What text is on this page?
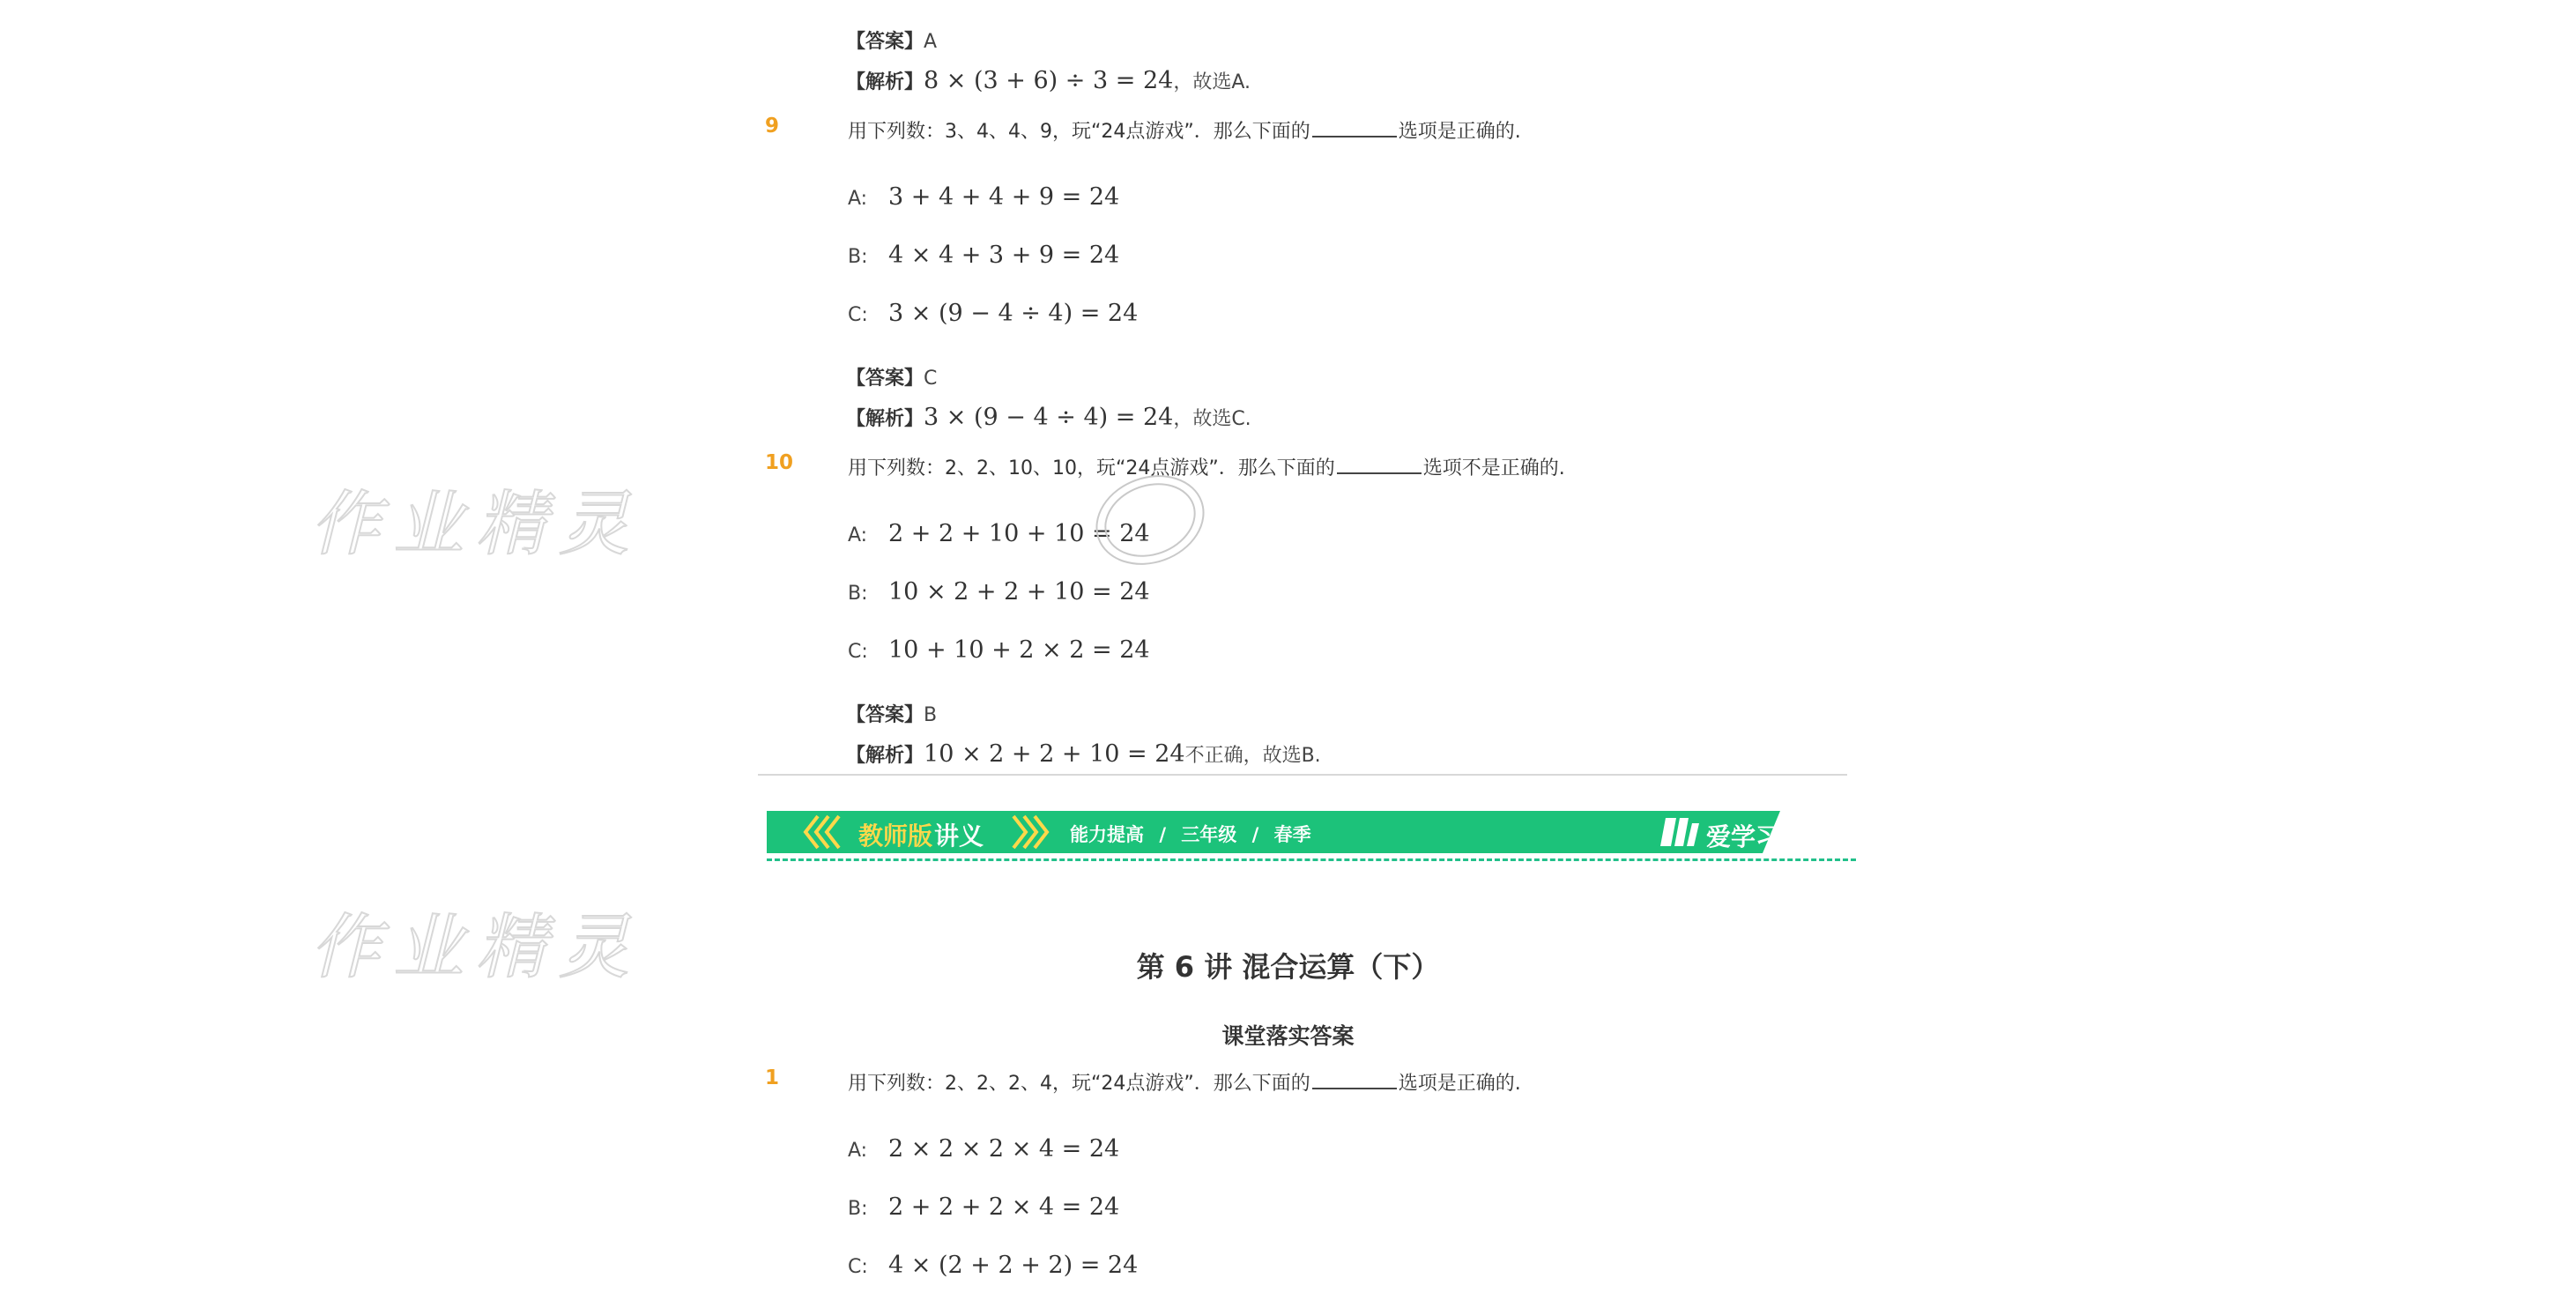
作业精灵
作业精灵
【答案】A
【解析】8 × (3 + 6) ÷ 3 = 24，故选A.
9	用下列数：3、4、4、9，玩“24点游戏”．那么下面的	选项是正确的.
A: 3 + 4 + 4 + 9 = 24
B: 4 × 4 + 3 + 9 = 24
C: 3 × (9 − 4 ÷ 4) = 24
【答案】C
【解析】3 × (9 − 4 ÷ 4) = 24，故选C.
10	用下列数：2、2、10、10，玩“24点游戏”．那么下面的	选项不是正确的.
A: 2 + 2 + 10 + 10 = 24
B: 10 × 2 + 2 + 10 = 24
C: 10 + 10 + 2 × 2 = 24
【答案】B
【解析】10 × 2 + 2 + 10 = 24不正确，故选B.
教师版 讲义	能力提高 / 三年级 / 春季	爱学习
第 6 讲 混合运算（下）
课堂落实答案
1	用下列数：2、2、2、4，玩“24点游戏”．那么下面的	选项是正确的.
A: 2 × 2 × 2 × 4 = 24
B: 2 + 2 + 2 × 4 = 24
C: 4 × (2 + 2 + 2) = 24
